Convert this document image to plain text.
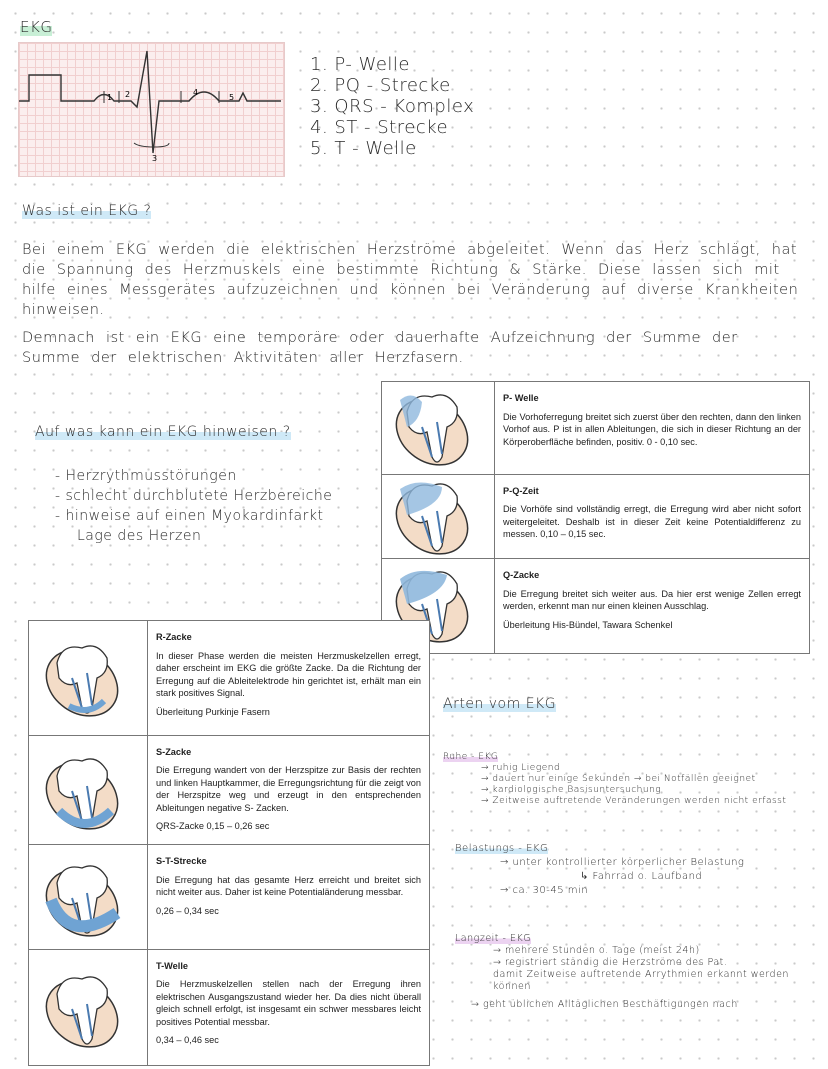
EKG
1 2
3
4
5
1. P- Welle
2. PQ - Strecke
3. QRS - Komplex
4. ST - Strecke
5. T - Welle
Was ist ein EKG ?
Bei einem EKG werden die elektrischen Herzströme abgeleitet. Wenn das Herz schlägt, hat die Spannung des Herzmuskels eine bestimmte Richtung & Stärke. Diese lassen sich mit hilfe eines Messgerätes aufzuzeichnen und können bei Veränderung auf diverse Krankheiten hinweisen.
Demnach ist ein EKG eine temporäre oder dauerhafte Aufzeichnung der Summe der Summe der elektrischen Aktivitäten aller Herzfasern.
Auf was kann ein EKG hinweisen ?
- Herzrythmusstörungen
- schlecht durchblutete Herzbereiche
- hinweise auf einen Myokardinfarkt
Lage des Herzen

P- Welle
Die Vorhoferregung breitet sich zuerst über den rechten, dann den linken Vorhof aus. P ist in allen Ableitungen, die sich in dieser Richtung an der Körperoberfläche befinden, positiv. 0 - 0,10 sec.

P-Q-Zeit
Die Vorhöfe sind vollständig erregt, die Erregung wird aber nicht sofort weitergeleitet. Deshalb ist in dieser Zeit keine Potentialdifferenz zu messen. 0,10 – 0,15 sec.

Q-Zacke
Die Erregung breitet sich weiter aus. Da hier erst wenige Zellen erregt werden, erkennt man nur einen kleinen Ausschlag.
Überleitung His-Bündel, Tawara Schenkel

R-Zacke
In dieser Phase werden die meisten Herzmuskelzellen erregt, daher erscheint im EKG die größte Zacke. Da die Richtung der Erregung auf die Ableitelektrode hin gerichtet ist, erhält man ein stark positives Signal.
Überleitung Purkinje Fasern

S-Zacke
Die Erregung wandert von der Herzspitze zur Basis der rechten und linken Hauptkammer, die Erregungsrichtung für die zeigt von der Herzspitze weg und erzeugt in den entsprechenden Ableitungen negative S- Zacken.
QRS-Zacke 0,15 – 0,26 sec

S-T-Strecke
Die Erregung hat das gesamte Herz erreicht und breitet sich nicht weiter aus. Daher ist keine Potentialänderung messbar.
0,26 – 0,34 sec

T-Welle
Die Herzmuskelzellen stellen nach der Erregung ihren elektrischen Ausgangszustand wieder her. Da dies nicht überall gleich schnell erfolgt, ist insgesamt ein schwer messbares leicht positives Potential messbar.
0,34 – 0,46 sec
Arten vom EKG
Ruhe - EKG
→ ruhig Liegend
→ dauert nur einige Sekunden → bei Notfällen geeignet
→ kardiologische Basisuntersuchung
→ Zeitweise auftretende Veränderungen werden nicht erfasst
Belastungs - EKG
→ unter kontrollierter körperlicher Belastung
↳ Fahrrad o. Laufband
→ ca. 30-45 min
Langzeit - EKG
→ mehrere Stunden o. Tage (meist 24h)
→ registriert ständig die Herzströme des Pat.
damit Zeitweise auftretende Arrythmien erkannt werden können
→ geht üblichen Alltäglichen Beschäftigungen nach
